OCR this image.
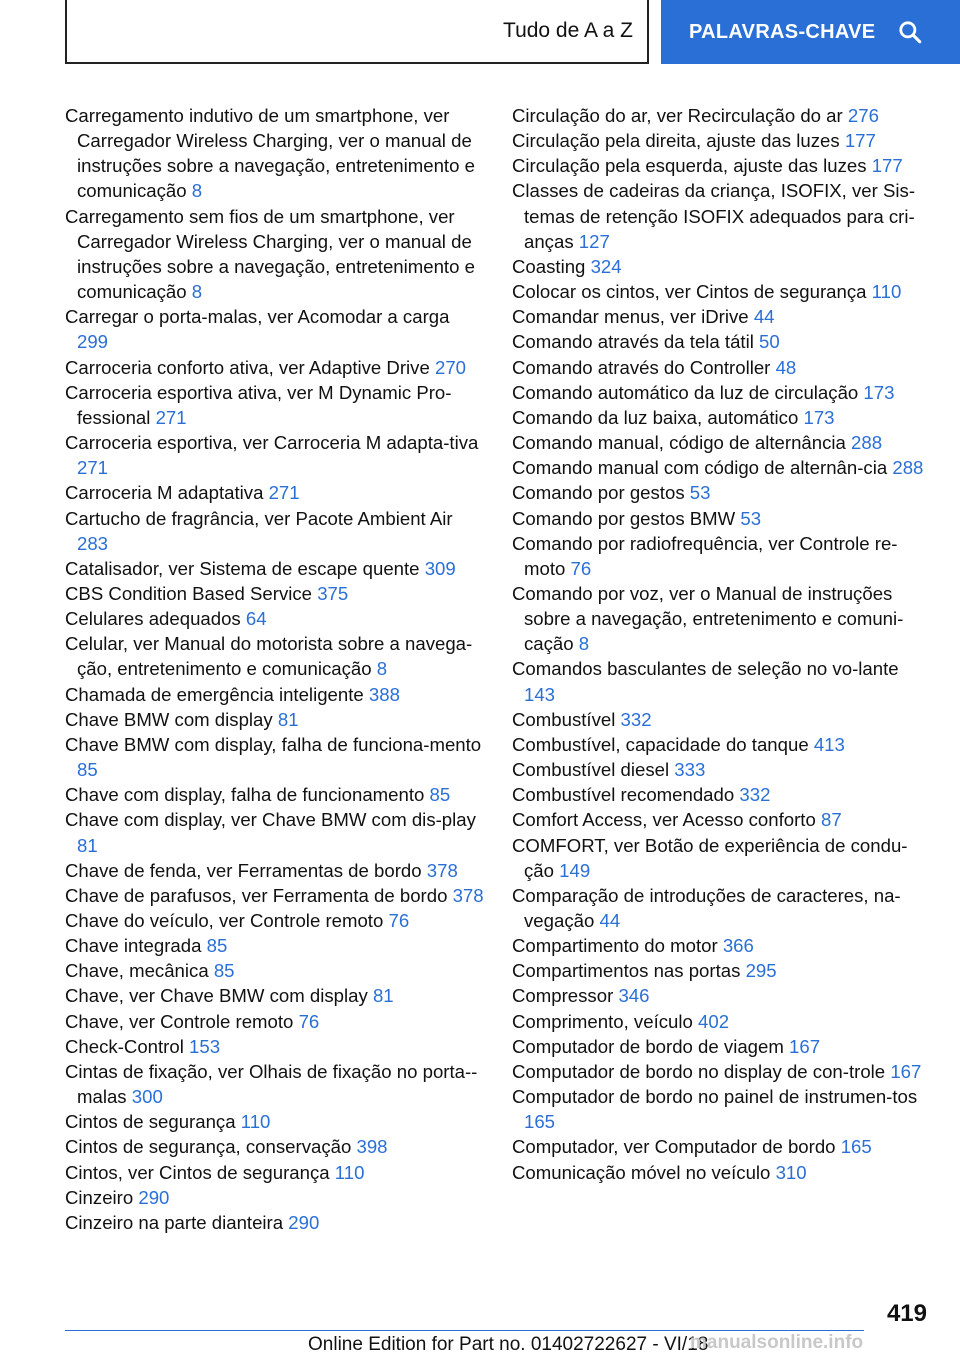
Tudo de A a Z	PALAVRAS-CHAVE
Carregamento indutivo de um smartphone, ver Carregador Wireless Charging, ver o manual de instruções sobre a navegação, entretenimento e comunicação 8
Carregamento sem fios de um smartphone, ver Carregador Wireless Charging, ver o manual de instruções sobre a navegação, entretenimento e comunicação 8
Carregar o porta-malas, ver Acomodar a carga 299
Carroceria conforto ativa, ver Adaptive Drive 270
Carroceria esportiva ativa, ver M Dynamic Pro-fessional 271
Carroceria esportiva, ver Carroceria M adapta-tiva 271
Carroceria M adaptativa 271
Cartucho de fragrância, ver Pacote Ambient Air 283
Catalisador, ver Sistema de escape quente 309
CBS Condition Based Service 375
Celulares adequados 64
Celular, ver Manual do motorista sobre a navega-ção, entretenimento e comunicação 8
Chamada de emergência inteligente 388
Chave BMW com display 81
Chave BMW com display, falha de funciona-mento 85
Chave com display, falha de funcionamento 85
Chave com display, ver Chave BMW com dis-play 81
Chave de fenda, ver Ferramentas de bordo 378
Chave de parafusos, ver Ferramenta de bordo 378
Chave do veículo, ver Controle remoto 76
Chave integrada 85
Chave, mecânica 85
Chave, ver Chave BMW com display 81
Chave, ver Controle remoto 76
Check-Control 153
Cintas de fixação, ver Olhais de fixação no porta--malas 300
Cintos de segurança 110
Cintos de segurança, conservação 398
Cintos, ver Cintos de segurança 110
Cinzeiro 290
Cinzeiro na parte dianteira 290
Circulação do ar, ver Recirculação do ar 276
Circulação pela direita, ajuste das luzes 177
Circulação pela esquerda, ajuste das luzes 177
Classes de cadeiras da criança, ISOFIX, ver Sis-temas de retenção ISOFIX adequados para cri-anças 127
Coasting 324
Colocar os cintos, ver Cintos de segurança 110
Comandar menus, ver iDrive 44
Comando através da tela tátil 50
Comando através do Controller 48
Comando automático da luz de circulação 173
Comando da luz baixa, automático 173
Comando manual, código de alternância 288
Comando manual com código de alternân-cia 288
Comando por gestos 53
Comando por gestos BMW 53
Comando por radiofrequência, ver Controle re-moto 76
Comando por voz, ver o Manual de instruções sobre a navegação, entretenimento e comuni-cação 8
Comandos basculantes de seleção no vo-lante 143
Combustível 332
Combustível, capacidade do tanque 413
Combustível diesel 333
Combustível recomendado 332
Comfort Access, ver Acesso conforto 87
COMFORT, ver Botão de experiência de condu-ção 149
Comparação de introduções de caracteres, na-vegação 44
Compartimento do motor 366
Compartimentos nas portas 295
Compressor 346
Comprimento, veículo 402
Computador de bordo de viagem 167
Computador de bordo no display de con-trole 167
Computador de bordo no painel de instrumen-tos 165
Computador, ver Computador de bordo 165
Comunicação móvel no veículo 310
419
Online Edition for Part no. 01402722627 - VI/18
manualsonline.info
